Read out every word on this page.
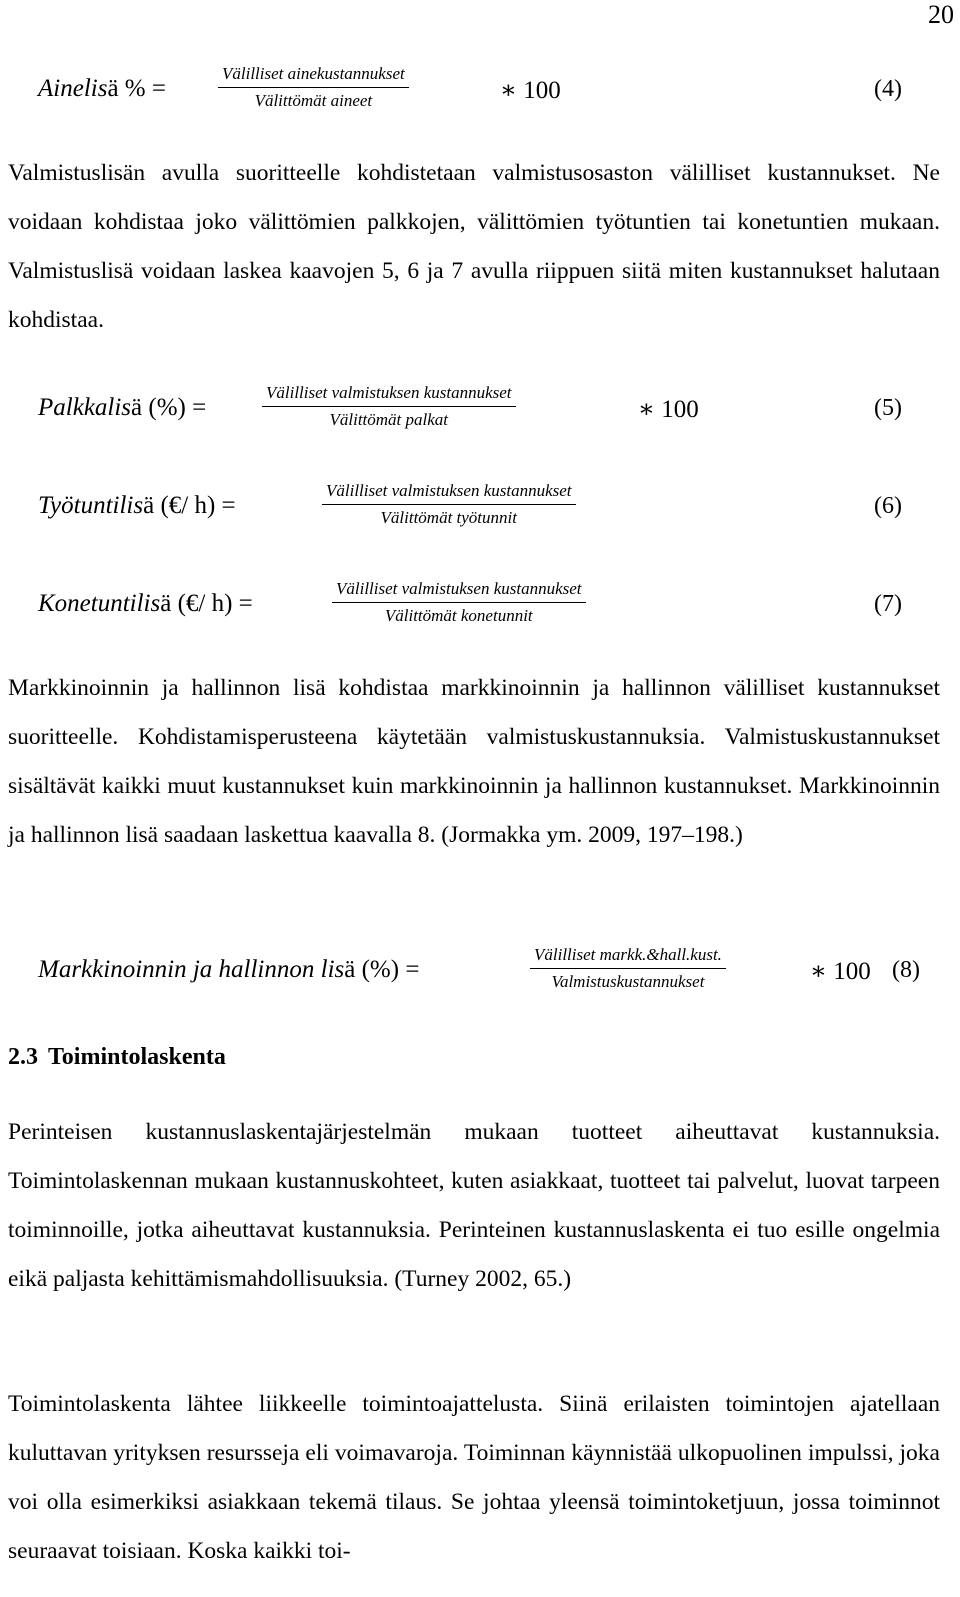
20
Ainelisä % =
Välilliset ainekustannukset
Välittömät aineet	∗ 100	(4)

Valmistuslisän avulla suoritteelle kohdistetaan valmistusosaston välilliset kustannukset. Ne voidaan kohdistaa joko välittömien palkkojen, välittömien työtuntien tai konetuntien mukaan. Valmistuslisä voidaan laskea kaavojen 5, 6 ja 7 avulla riippuen siitä miten kustannukset halutaan kohdistaa.

Palkkalisä (%) =
Välilliset valmistuksen kustannukset
Välittömät palkat	∗ 100	(5)
Työtuntilisä (€/ h) =
Välilliset valmistuksen kustannukset
Välittömät työtunnit	(6)
Konetuntilisä (€/ h) =
Välilliset valmistuksen kustannukset
Välittömät konetunnit	(7)

Markkinoinnin ja hallinnon lisä kohdistaa markkinoinnin ja hallinnon välilliset kustannukset suoritteelle. Kohdistamisperusteena käytetään valmistuskustannuksia. Valmistuskustannukset sisältävät kaikki muut kustannukset kuin markkinoinnin ja hallinnon kustannukset. Markkinoinnin ja hallinnon lisä saadaan laskettua kaavalla 8. (Jormakka ym. 2009, 197–198.)

Markkinoinnin ja hallinnon lisä (%) =
Välilliset markk.&hall.kust.
Valmistuskustannukset	∗ 100 (8)
2.3 Toimintolaskenta

Perinteisen kustannuslaskentajärjestelmän mukaan tuotteet aiheuttavat kustannuksia. Toimintolaskennan mukaan kustannuskohteet, kuten asiakkaat, tuotteet tai palvelut, luovat tarpeen toiminnoille, jotka aiheuttavat kustannuksia. Perinteinen kustannuslaskenta ei tuo esille ongelmia eikä paljasta kehittämismahdollisuuksia. (Turney 2002, 65.)

Toimintolaskenta lähtee liikkeelle toimintoajattelusta. Siinä erilaisten toimintojen ajatellaan kuluttavan yrityksen resursseja eli voimavaroja. Toiminnan käynnistää ulkopuolinen impulssi, joka voi olla esimerkiksi asiakkaan tekemä tilaus. Se johtaa yleensä toimintoketjuun, jossa toiminnot seuraavat toisiaan. Koska kaikki toi-
